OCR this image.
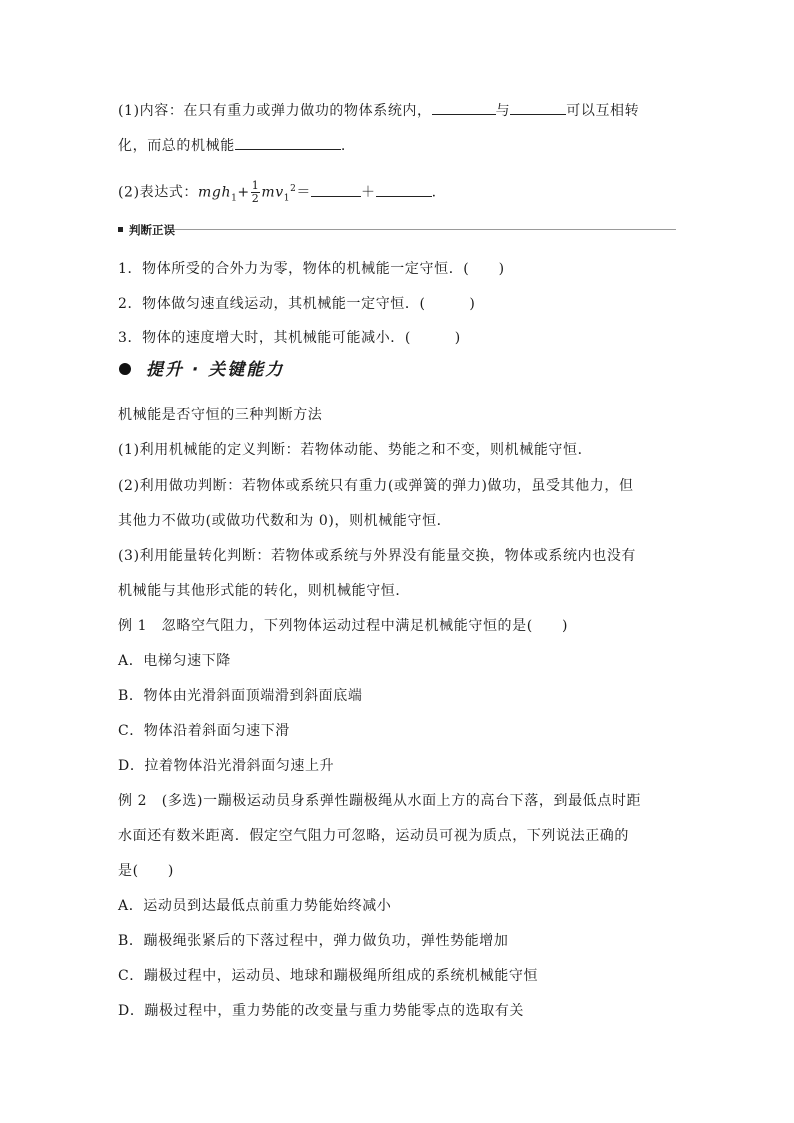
(1)内容：在只有重力或弹力做功的物体系统内，	与	可以互相转
化，而总的机械能	.
(2)表达式：$mgh_1+ \frac{1}{2} mv_1^2=$	＋	.
判断正误
1．物体所受的合外力为零，物体的机械能一定守恒．(　　)
2．物体做匀速直线运动，其机械能一定守恒．(　　　)
3．物体的速度增大时，其机械能可能减小．(　　　)
提升 · 关键能力
机械能是否守恒的三种判断方法
(1)利用机械能的定义判断：若物体动能、势能之和不变，则机械能守恒．
(2)利用做功判断：若物体或系统只有重力(或弹簧的弹力)做功，虽受其他力，但
其他力不做功(或做功代数和为 0)，则机械能守恒．
(3)利用能量转化判断：若物体或系统与外界没有能量交换，物体或系统内也没有
机械能与其他形式能的转化，则机械能守恒．
例 1　忽略空气阻力，下列物体运动过程中满足机械能守恒的是(　　)
A．电梯匀速下降
B．物体由光滑斜面顶端滑到斜面底端
C．物体沿着斜面匀速下滑
D．拉着物体沿光滑斜面匀速上升
例 2　(多选)一蹦极运动员身系弹性蹦极绳从水面上方的高台下落，到最低点时距
水面还有数米距离．假定空气阻力可忽略，运动员可视为质点，下列说法正确的
是(　　)
A．运动员到达最低点前重力势能始终减小
B．蹦极绳张紧后的下落过程中，弹力做负功，弹性势能增加
C．蹦极过程中，运动员、地球和蹦极绳所组成的系统机械能守恒
D．蹦极过程中，重力势能的改变量与重力势能零点的选取有关
